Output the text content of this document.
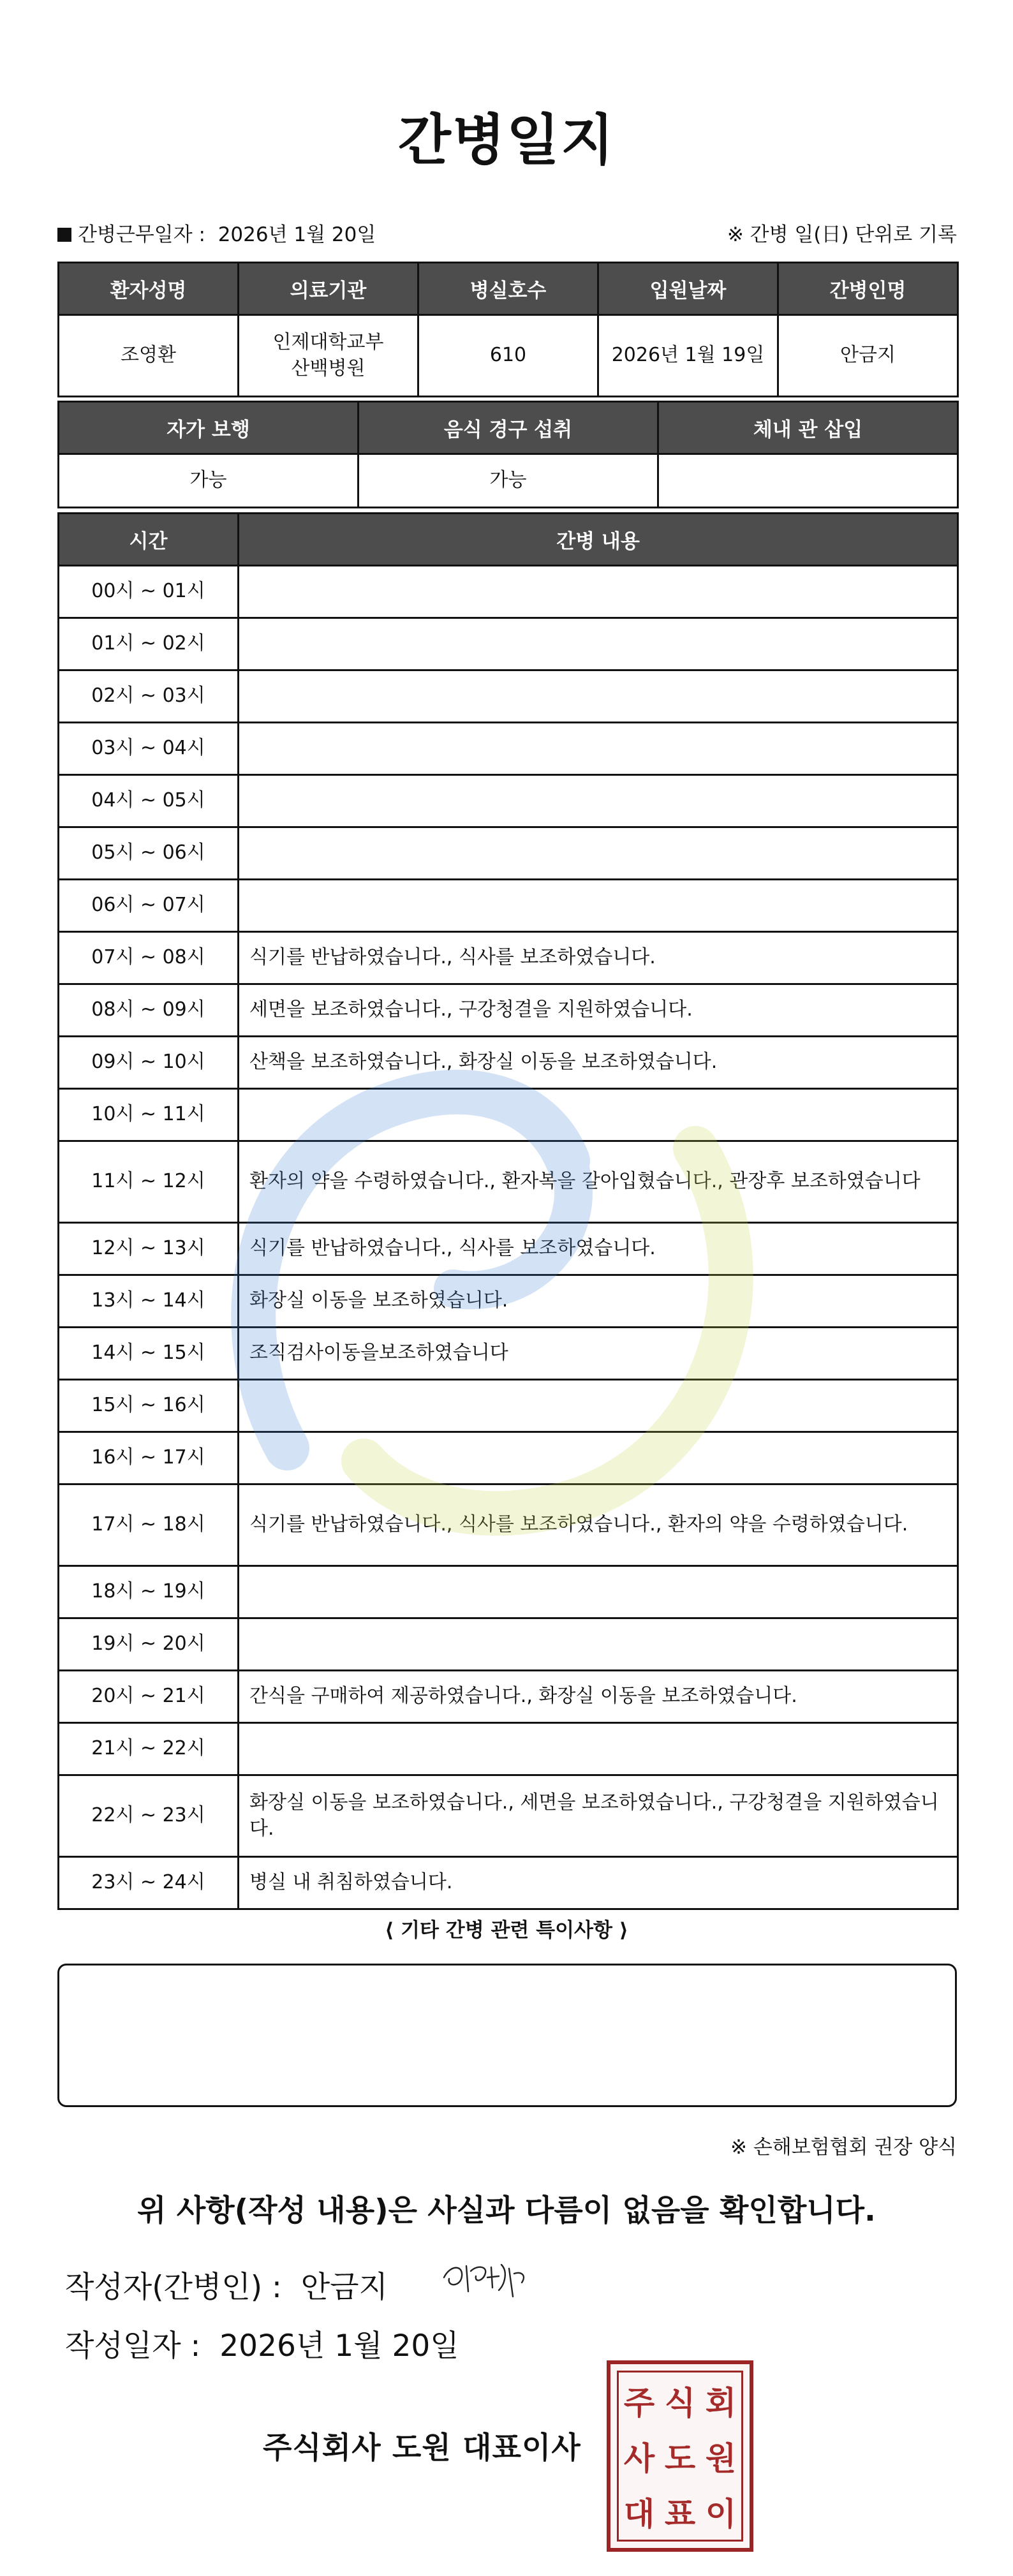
간병일지
간병근무일자 : 2026년 1월 20일	※ 간병 일(日) 단위로 기록
환자성명	의료기관	병실호수	입원날짜	간병인명
조영환	인제대학교부산백병원	610	2026년 1월 19일	안금지
자가 보행	음식 경구 섭취	체내 관 삽입
가능	가능	
시간	간병 내용
00시 ~ 01시	
01시 ~ 02시	
02시 ~ 03시	
03시 ~ 04시	
04시 ~ 05시	
05시 ~ 06시	
06시 ~ 07시	
07시 ~ 08시	식기를 반납하였습니다., 식사를 보조하였습니다.
08시 ~ 09시	세면을 보조하였습니다., 구강청결을 지원하였습니다.
09시 ~ 10시	산책을 보조하였습니다., 화장실 이동을 보조하였습니다.
10시 ~ 11시	
11시 ~ 12시	환자의 약을 수령하였습니다., 환자복을 갈아입혔습니다., 관장후 보조하였습니다
12시 ~ 13시	식기를 반납하였습니다., 식사를 보조하였습니다.
13시 ~ 14시	화장실 이동을 보조하였습니다.
14시 ~ 15시	조직검사이동을보조하였습니다
15시 ~ 16시	
16시 ~ 17시	
17시 ~ 18시	식기를 반납하였습니다., 식사를 보조하였습니다., 환자의 약을 수령하였습니다.
18시 ~ 19시	
19시 ~ 20시	
20시 ~ 21시	간식을 구매하여 제공하였습니다., 화장실 이동을 보조하였습니다.
21시 ~ 22시	
22시 ~ 23시	화장실 이동을 보조하였습니다., 세면을 보조하였습니다., 구강청결을 지원하였습니다.
23시 ~ 24시	병실 내 취침하였습니다.
⟨ 기타 간병 관련 특이사항 ⟩
※ 손해보험협회 권장 양식
위 사항(작성 내용)은 사실과 다름이 없음을 확인합니다.
작성자(간병인) : 안금지
작성일자 : 2026년 1월 20일
주식회사 도원 대표이사
주 식 회
사 도 원
대 표 이
